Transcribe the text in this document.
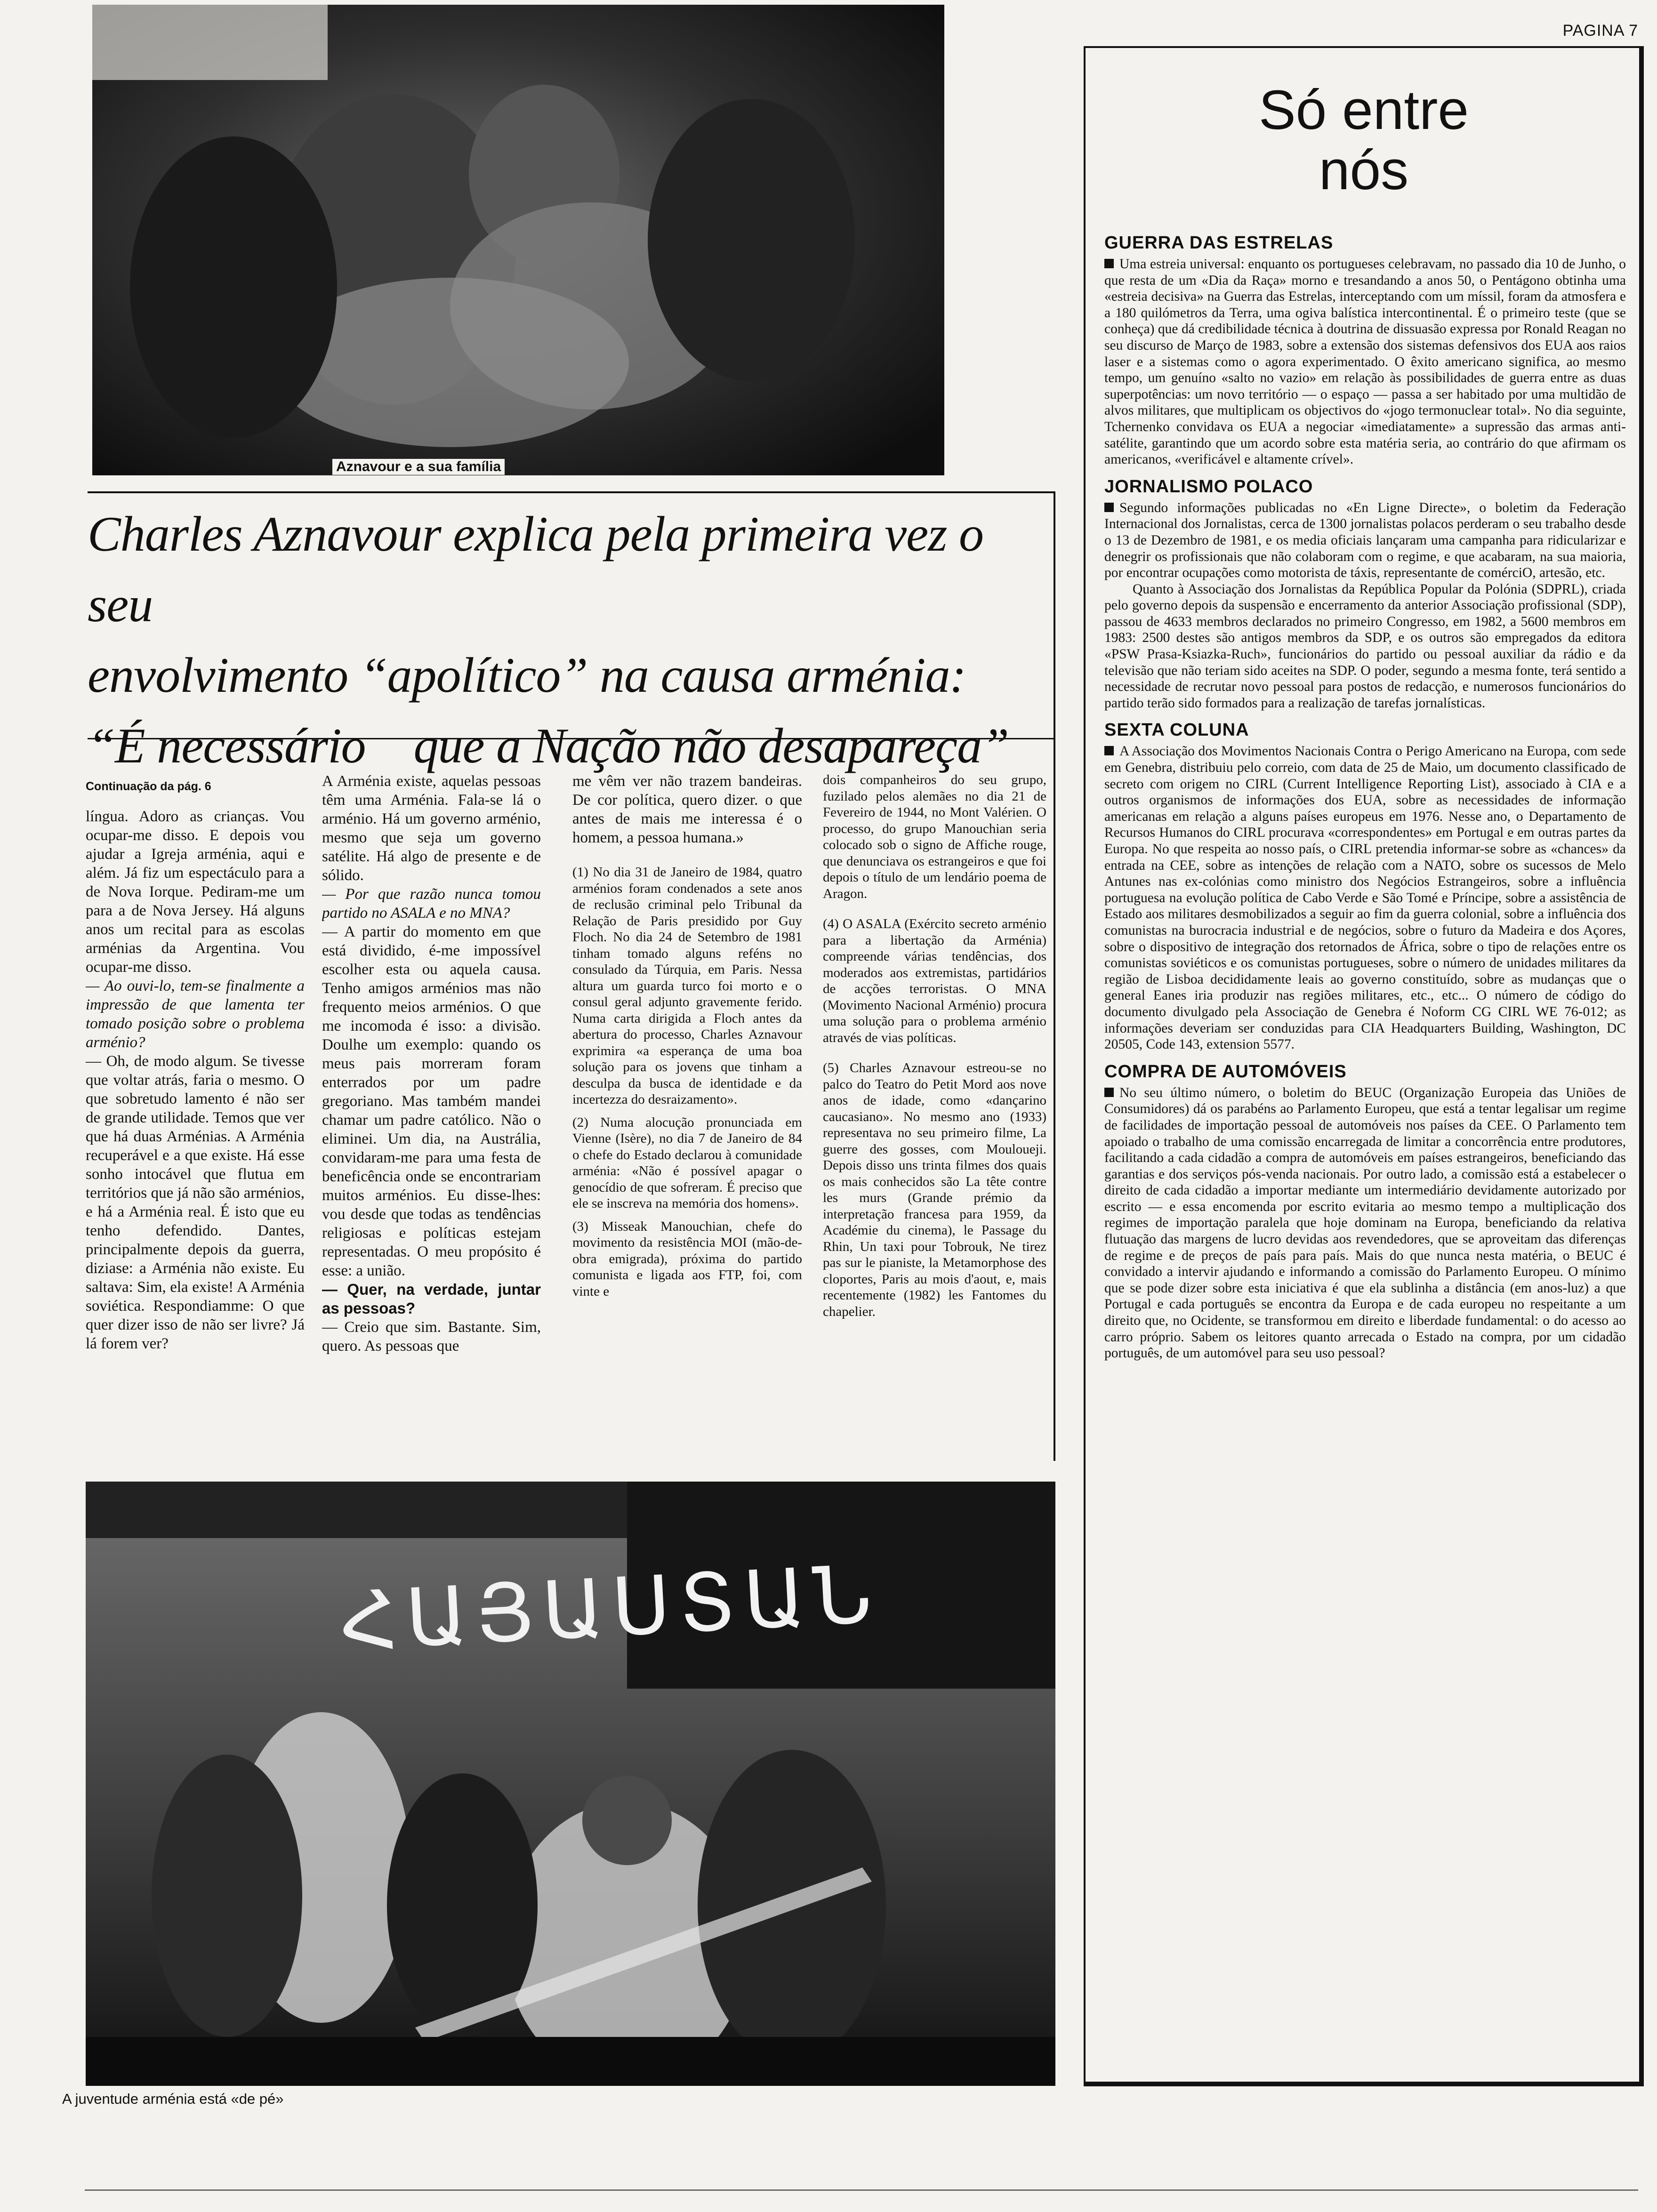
PAGINA 7
Aznavour e a sua família
Charles Aznavour explica pela primeira vez o seu
envolvimento “apolítico” na causa arménia:
“É necessário    que a Nação não desapareça”
Continuação da pág. 6

língua. Adoro as crianças. Vou ocupar-me disso. E depois vou ajudar a Igreja arménia, aqui e além. Já fiz um espectáculo para a de Nova Iorque. Pediram-me um para a de Nova Jersey. Há alguns anos um recital para as escolas arménias da Argentina. Vou ocupar-me disso.

— Ao ouvi-lo, tem-se finalmente a impressão de que lamenta ter tomado posição sobre o problema arménio?

— Oh, de modo algum. Se tivesse que voltar atrás, faria o mesmo. O que sobretudo lamento é não ser de grande utilidade. Temos que ver que há duas Arménias. A Arménia recuperável e a que existe. Há esse sonho intocável que flutua em territórios que já não são arménios, e há a Arménia real. É isto que eu tenho defendido. Dantes, principalmente depois da guerra, diziase: a Arménia não existe. Eu saltava: Sim, ela existe! A Arménia soviética. Respondiamme: O que quer dizer isso de não ser livre? Já lá forem ver?

A Arménia existe, aquelas pessoas têm uma Arménia. Fala-se lá o arménio. Há um governo arménio, mesmo que seja um governo satélite. Há algo de presente e de sólido.

— Por que razão nunca tomou partido no ASALA e no MNA?

— A partir do momento em que está dividido, é-me impossível escolher esta ou aquela causa. Tenho amigos arménios mas não frequento meios arménios. O que me incomoda é isso: a divisão. Doulhe um exemplo: quando os meus pais morreram foram enterrados por um padre gregoriano. Mas também mandei chamar um padre católico. Não o eliminei. Um dia, na Austrália, convidaram-me para uma festa de beneficência onde se encontrariam muitos arménios. Eu disse-lhes: vou desde que todas as tendências religiosas e políticas estejam representadas. O meu propósito é esse: a união.

— Quer, na verdade, juntar as pessoas?

— Creio que sim. Bastante. Sim, quero. As pessoas que

me vêm ver não trazem bandeiras. De cor política, quero dizer. o que antes de mais me interessa é o homem, a pessoa humana.»

(1) No dia 31 de Janeiro de 1984, quatro arménios foram condenados a sete anos de reclusão criminal pelo Tribunal da Relação de Paris presidido por Guy Floch. No dia 24 de Setembro de 1981 tinham tomado alguns reféns no consulado da Túrquia, em Paris. Nessa altura um guarda turco foi morto e o consul geral adjunto gravemente ferido. Numa carta dirigida a Floch antes da abertura do processo, Charles Aznavour exprimira «a esperança de uma boa solução para os jovens que tinham a desculpa da busca de identidade e da incertezza do desraizamento».

(2) Numa alocução pronunciada em Vienne (Isère), no dia 7 de Janeiro de 84 o chefe do Estado declarou à comunidade arménia: «Não é possível apagar o genocídio de que sofreram. É preciso que ele se inscreva na memória dos homens».

(3) Misseak Manouchian, chefe do movimento da resistência MOI (mão-de-obra emigrada), próxima do partido comunista e ligada aos FTP, foi, com vinte e

dois companheiros do seu grupo, fuzilado pelos alemães no dia 21 de Fevereiro de 1944, no Mont Valérien. O processo, do grupo Manouchian seria colocado sob o signo de Affiche rouge, que denunciava os estrangeiros e que foi depois o título de um lendário poema de Aragon.

(4) O ASALA (Exército secreto arménio para a libertação da Arménia) compreende várias tendências, dos moderados aos extremistas, partidários de acções terroristas. O MNA (Movimento Nacional Arménio) procura uma solução para o problema arménio através de vias políticas.

(5) Charles Aznavour estreou-se no palco do Teatro do Petit Mord aos nove anos de idade, como «dançarino caucasiano». No mesmo ano (1933) representava no seu primeiro filme, La guerre des gosses, com Mouloueji. Depois disso uns trinta filmes dos quais os mais conhecidos são La tête contre les murs (Grande prémio da interpretação francesa para 1959, da Académie du cinema), le Passage du Rhin, Un taxi pour Tobrouk, Ne tirez pas sur le pianiste, la Metamorphose des cloportes, Paris au mois d'aout, e, mais recentemente (1982) les Fantomes du chapelier.

ՀԱՅԱՍՏԱՆ
A juventude arménia está «de pé»
Só entre
nós
GUERRA DAS ESTRELAS

Uma estreia universal: enquanto os portugueses celebravam, no passado dia 10 de Junho, o que resta de um «Dia da Raça» morno e tresandando a anos 50, o Pentágono obtinha uma «estreia decisiva» na Guerra das Estrelas, interceptando com um míssil, foram da atmosfera e a 180 quilómetros da Terra, uma ogiva balística intercontinental. É o primeiro teste (que se conheça) que dá credibilidade técnica à doutrina de dissuasão expressa por Ronald Reagan no seu discurso de Março de 1983, sobre a extensão dos sistemas defensivos dos EUA aos raios laser e a sistemas como o agora experimentado. O êxito americano significa, ao mesmo tempo, um genuíno «salto no vazio» em relação às possibilidades de guerra entre as duas superpotências: um novo território — o espaço — passa a ser habitado por uma multidão de alvos militares, que multiplicam os objectivos do «jogo termonuclear total». No dia seguinte, Tchernenko convidava os EUA a negociar «imediatamente» a supressão das armas anti-satélite, garantindo que um acordo sobre esta matéria seria, ao contrário do que afirmam os americanos, «verificável e altamente crível».

JORNALISMO POLACO

Segundo informações publicadas no «En Ligne Directe», o boletim da Federação Internacional dos Jornalistas, cerca de 1300 jornalistas polacos perderam o seu trabalho desde o 13 de Dezembro de 1981, e os media oficiais lançaram uma campanha para ridicularizar e denegrir os profissionais que não colaboram com o regime, e que acabaram, na sua maioria, por encontrar ocupações como motorista de táxis, representante de comérciO, artesão, etc.

Quanto à Associação dos Jornalistas da República Popular da Polónia (SDPRL), criada pelo governo depois da suspensão e encerramento da anterior Associação profissional (SDP), passou de 4633 membros declarados no primeiro Congresso, em 1982, a 5600 membros em 1983: 2500 destes são antigos membros da SDP, e os outros são empregados da editora «PSW Prasa-Ksiazka-Ruch», funcionários do partido ou pessoal auxiliar da rádio e da televisão que não teriam sido aceites na SDP. O poder, segundo a mesma fonte, terá sentido a necessidade de recrutar novo pessoal para postos de redacção, e numerosos funcionários do partido terão sido formados para a realização de tarefas jornalísticas.

SEXTA COLUNA

A Associação dos Movimentos Nacionais Contra o Perigo Americano na Europa, com sede em Genebra, distribuiu pelo correio, com data de 25 de Maio, um documento classificado de secreto com origem no CIRL (Current Intelligence Reporting List), associado à CIA e a outros organismos de informações dos EUA, sobre as necessidades de informação americanas em relação a alguns países europeus em 1976. Nesse ano, o Departamento de Recursos Humanos do CIRL procurava «correspondentes» em Portugal e em outras partes da Europa. No que respeita ao nosso país, o CIRL pretendia informar-se sobre as «chances» da entrada na CEE, sobre as intenções de relação com a NATO, sobre os sucessos de Melo Antunes nas ex-colónias como ministro dos Negócios Estrangeiros, sobre a influência portuguesa na evolução política de Cabo Verde e São Tomé e Príncipe, sobre a assistência de Estado aos militares desmobilizados a seguir ao fim da guerra colonial, sobre a influência dos comunistas na burocracia industrial e de negócios, sobre o futuro da Madeira e dos Açores, sobre o dispositivo de integração dos retornados de África, sobre o tipo de relações entre os comunistas soviéticos e os comunistas portugueses, sobre o número de unidades militares da região de Lisboa decididamente leais ao governo constituído, sobre as mudanças que o general Eanes iria produzir nas regiões militares, etc., etc... O número de código do documento divulgado pela Associação de Genebra é Noform CG CIRL WE 76-012; as informações deveriam ser conduzidas para CIA Headquarters Building, Washington, DC 20505, Code 143, extension 5577.

COMPRA DE AUTOMÓVEIS

No seu último número, o boletim do BEUC (Organização Europeia das Uniões de Consumidores) dá os parabéns ao Parlamento Europeu, que está a tentar legalisar um regime de facilidades de importação pessoal de automóveis nos países da CEE. O Parlamento tem apoiado o trabalho de uma comissão encarregada de limitar a concorrência entre produtores, facilitando a cada cidadão a compra de automóveis em países estrangeiros, beneficiando das garantias e dos serviços pós-venda nacionais. Por outro lado, a comissão está a estabelecer o direito de cada cidadão a importar mediante um intermediário devidamente autorizado por escrito — e essa encomenda por escrito evitaria ao mesmo tempo a multiplicação dos regimes de importação paralela que hoje dominam na Europa, beneficiando da relativa flutuação das margens de lucro devidas aos revendedores, que se aproveitam das diferenças de regime e de preços de país para país. Mais do que nunca nesta matéria, o BEUC é convidado a intervir ajudando e informando a comissão do Parlamento Europeu. O mínimo que se pode dizer sobre esta iniciativa é que ela sublinha a distância (em anos-luz) a que Portugal e cada português se encontra da Europa e de cada europeu no respeitante a um direito que, no Ocidente, se transformou em direito e liberdade fundamental: o do acesso ao carro próprio. Sabem os leitores quanto arrecada o Estado na compra, por um cidadão português, de um automóvel para seu uso pessoal?
